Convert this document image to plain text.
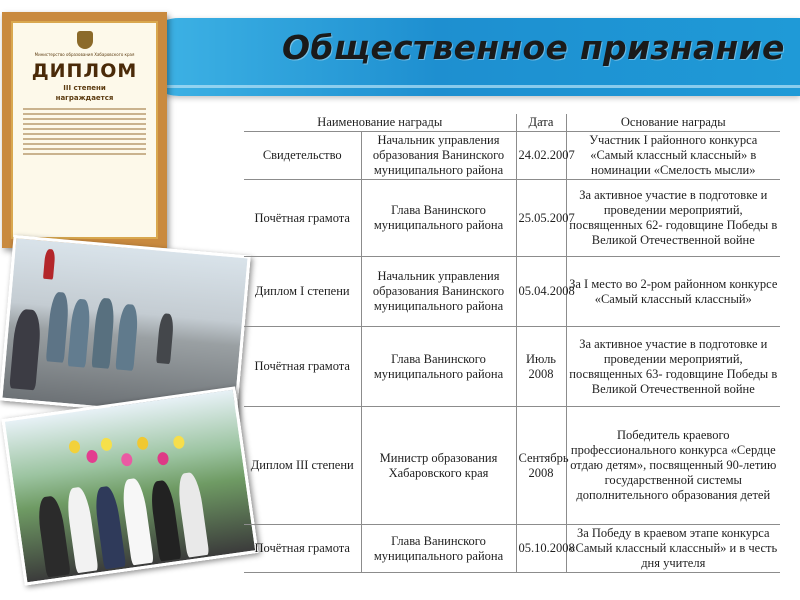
Общественное признание
Министерство образования Хабаровского края
ДИПЛОМ
III степени
награждается
Наименование награды		Дата	Основание награды
Свидетельство	Начальник управления образования Ванинского муниципального района	24.02.2007	Участник I районного конкурса «Самый классный классный» в номинации «Смелость мысли»
Почётная грамота	Глава Ванинского муниципального района	25.05.2007	За активное участие в подготовке и проведении мероприятий, посвященных 62- годовщине Победы в Великой Отечественной войне
Диплом I степени	Начальник управления образования Ванинского муниципального района	05.04.2008	За I место во 2-ром районном конкурсе «Самый классный классный»
Почётная грамота	Глава Ванинского муниципального района	Июль 2008	За активное участие в подготовке и проведении мероприятий, посвященных 63- годовщине Победы в Великой Отечественной войне
Диплом III степени	Министр образования Хабаровского края	Сентябрь 2008	Победитель краевого профессионального конкурса «Сердце отдаю детям», посвященный 90-летию государственной системы дополнительного образования детей
Почётная грамота	Глава Ванинского муниципального района	05.10.2008	За Победу в краевом этапе конкурса «Самый классный классный» и в честь дня учителя
